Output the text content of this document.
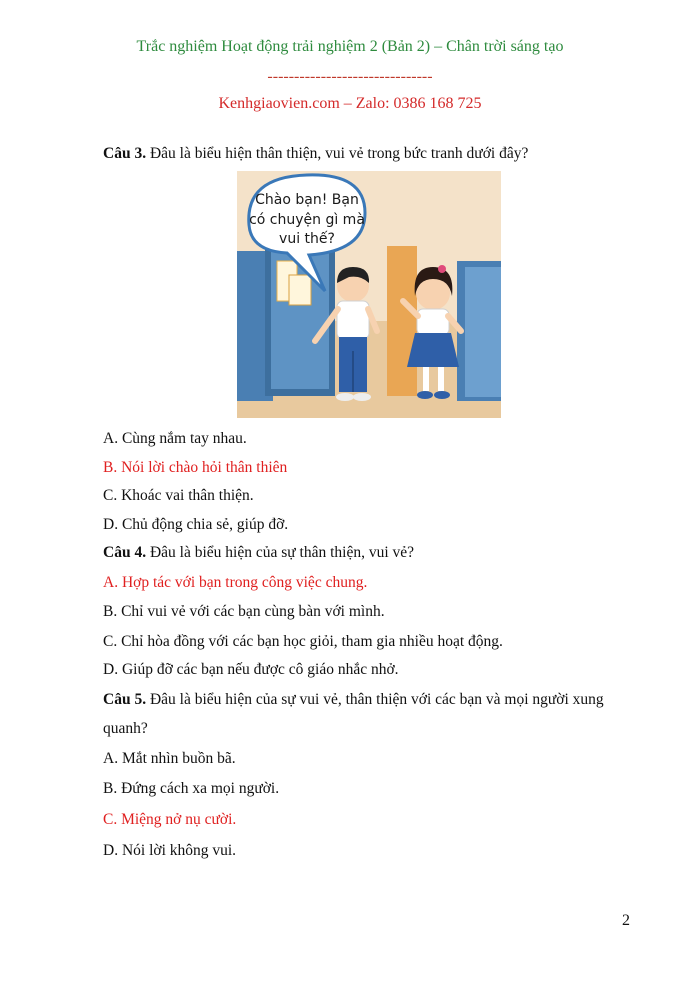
Trắc nghiệm Hoạt động trải nghiệm 2 (Bản 2) – Chân trời sáng tạo
-------------------------------
Kenhgiaovien.com – Zalo: 0386 168 725
Câu 3. Đâu là biểu hiện thân thiện, vui vẻ trong bức tranh dưới đây?
Chào bạn! Bạn
có chuyện gì mà
vui thế?
A. Cùng nắm tay nhau.
B. Nói lời chào hỏi thân thiên
C. Khoác vai thân thiện.
D. Chủ động chia sẻ, giúp đỡ.
Câu 4. Đâu là biểu hiện của sự thân thiện, vui vẻ?
A. Hợp tác với bạn trong công việc chung.
B. Chỉ vui vẻ với các bạn cùng bàn với mình.
C. Chỉ hòa đồng với các bạn học giỏi, tham gia nhiều hoạt động.
D. Giúp đỡ các bạn nếu được cô giáo nhắc nhở.
Câu 5. Đâu là biểu hiện của sự vui vẻ, thân thiện với các bạn và mọi người xung
quanh?
A. Mắt nhìn buồn bã.
B. Đứng cách xa mọi người.
C. Miệng nở nụ cười.
D. Nói lời không vui.
2
